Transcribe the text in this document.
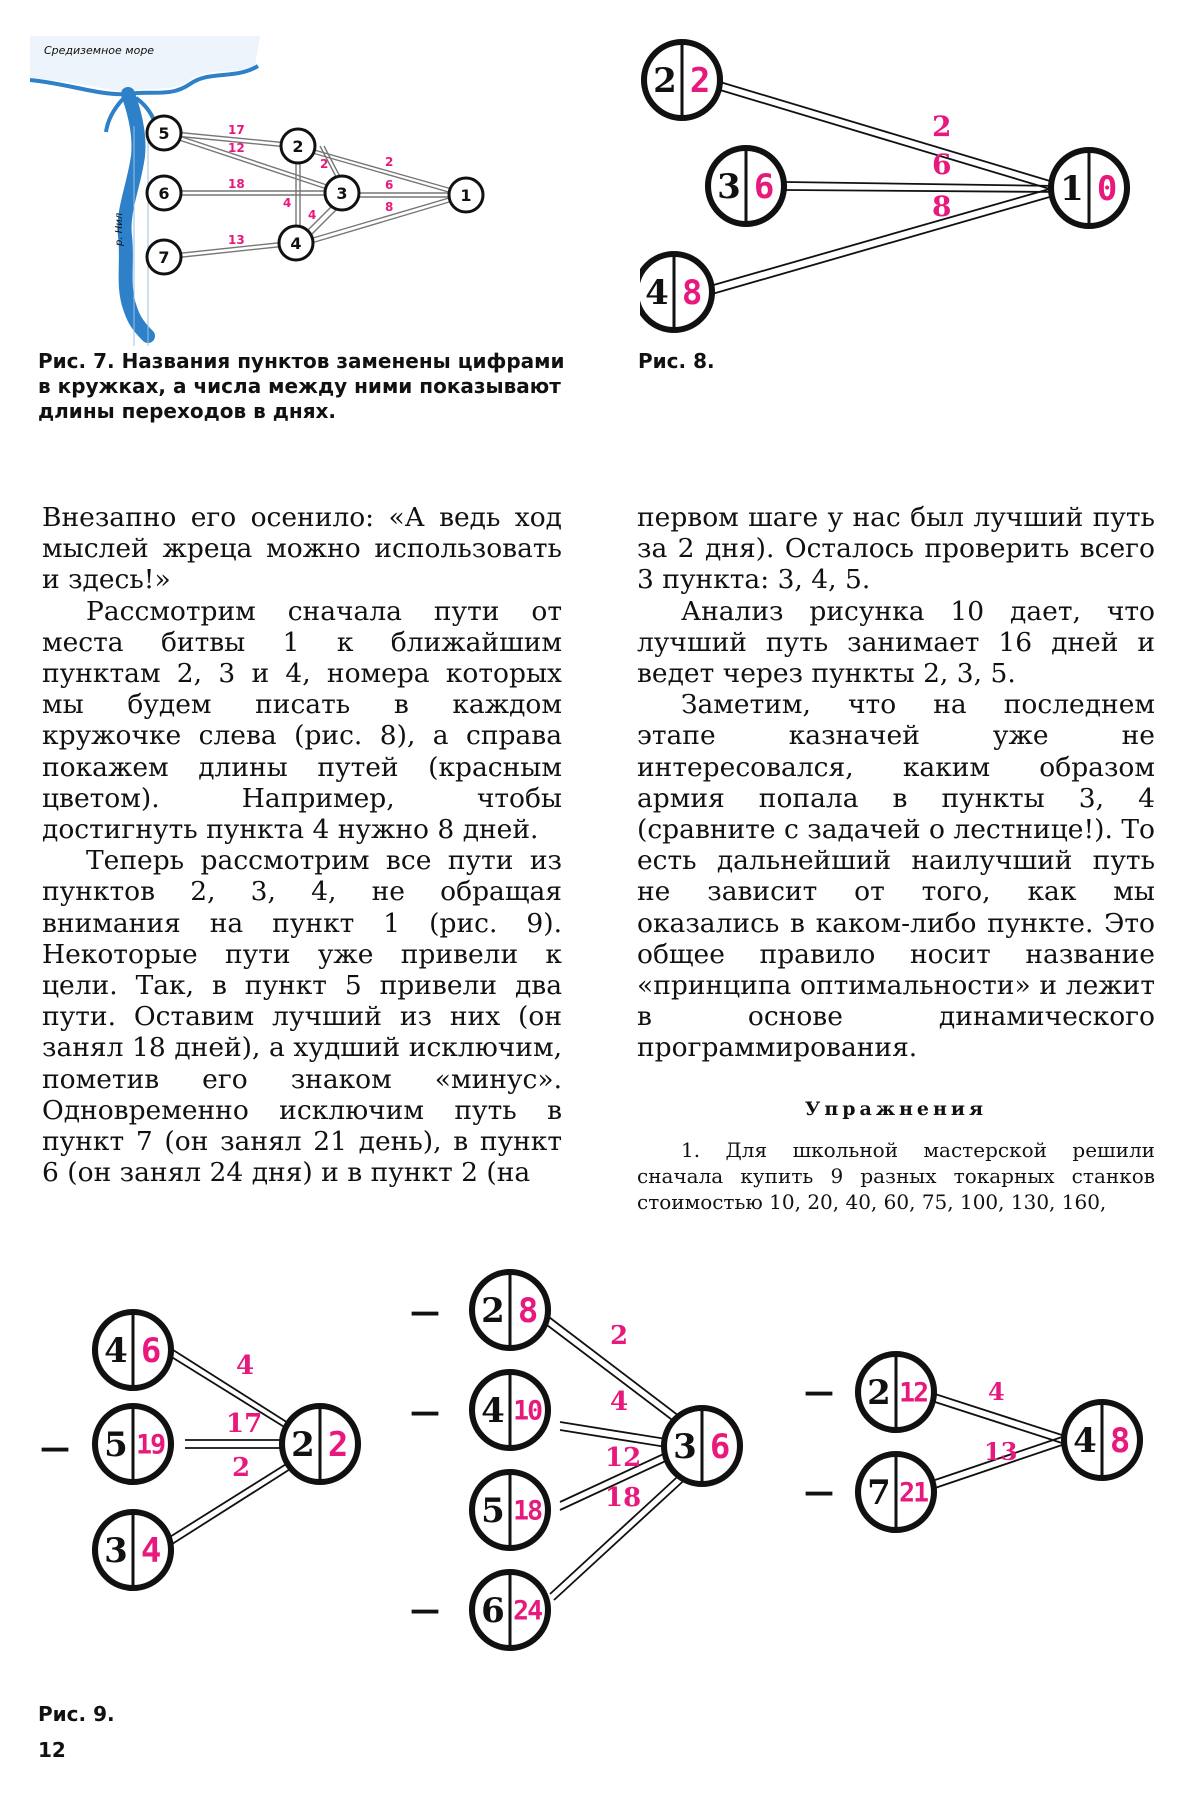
Средиземное море
р. Нил
17
12
18
13
2	2
6
8
4
4
5
6
7
2
3
4
1
Рис. 7. Названия пунктов заменены цифрами в кружках, а числа между ними показывают длины переходов в днях.
2
6
8
2 2
3 6
4 8
1 0
Рис. 8.

Внезапно его осенило: «А ведь ход мыслей жреца можно использовать и здесь!»

Рассмотрим сначала пути от места битвы 1 к ближайшим пунктам 2, 3 и 4, номера которых мы будем писать в каждом кружочке слева (рис. 8), а справа покажем длины путей (красным цветом). Например, чтобы достигнуть пункта 4 нужно 8 дней.

Теперь рассмотрим все пути из пунктов 2, 3, 4, не обращая внимания на пункт 1 (рис. 9). Некоторые пути уже привели к цели. Так, в пункт 5 привели два пути. Оставим лучший из них (он занял 18 дней), а худший исключим, пометив его знаком «минус». Одновременно исключим путь в пункт 7 (он занял 21 день), в пункт 6 (он занял 24 дня) и в пункт 2 (на

первом шаге у нас был лучший путь за 2 дня). Осталось проверить всего 3 пункта: 3, 4, 5.

Анализ рисунка 10 дает, что лучший путь занимает 16 дней и ведет через пункты 2, 3, 5.

Заметим, что на последнем этапе казначей уже не интересовался, каким образом армия попала в пункты 3, 4 (сравните с задачей о лестнице!). То есть дальнейший наилучший путь не зависит от того, как мы оказались в каком-либо пункте. Это общее правило носит название «принципа оптимальности» и лежит в основе динамического программирования.

Упражнения

1. Для школьной мастерской решили сначала купить 9 разных токарных станков стоимостью 10, 20, 40, 60, 75, 100, 130, 160,

4
17
2
4 6
5 19
3 4
2 2
2
4
12
18
2 8
4 10
5 18
6 24
3 6
4
13
2 12
7 21
4 8
—
—
—
—
—
—
Рис. 9.
12
